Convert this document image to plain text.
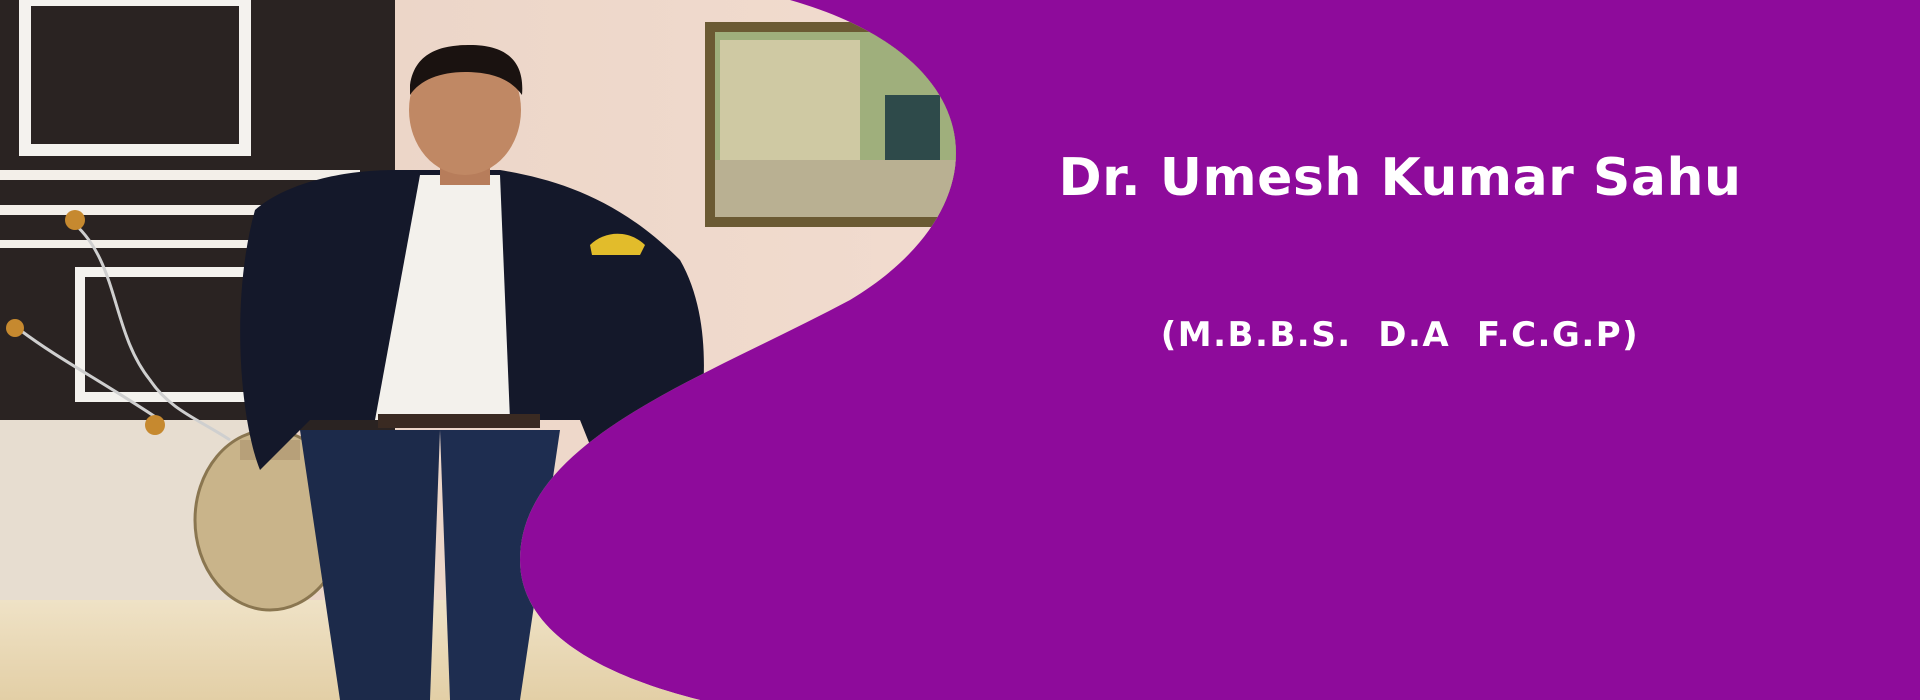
Dr. Umesh Kumar Sahu
(M.B.B.S.  D.A  F.C.G.P)
